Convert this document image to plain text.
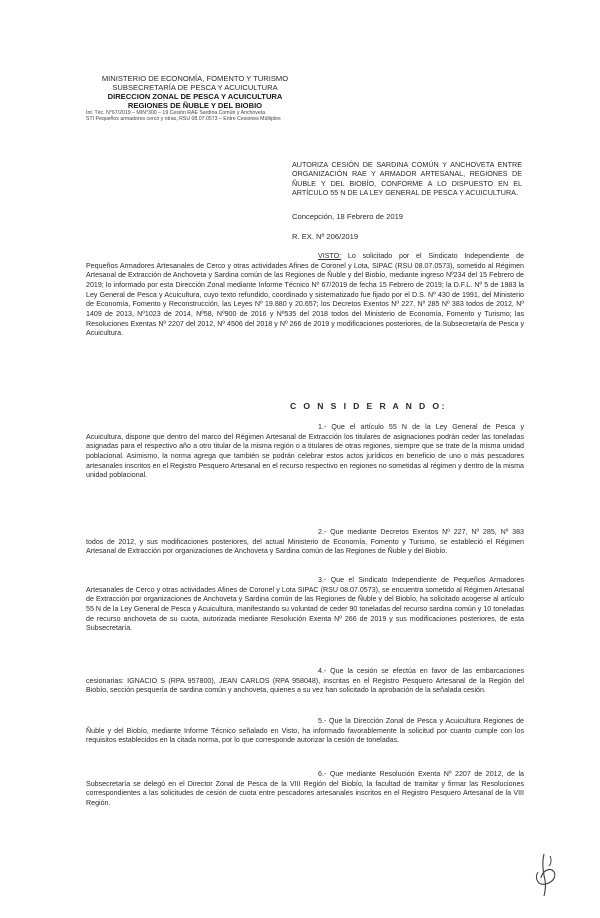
MINISTERIO DE ECONOMÍA, FOMENTO Y TURISMO

SUBSECRETARÍA DE PESCA Y ACUICULTURA

DIRECCION ZONAL DE PESCA Y ACUICULTURA

REGIONES DE ÑUBLE Y DEL BIOBIO

Int. Téc. N°67/2019 – MIN°300 – 19 Cesión RAE Sardina Común y Anchoveta

STI Pequeños armadores cerco y otras, RSU 08.07.0573 – Entre Cesiones Múltiples

AUTORIZA CESIÓN DE SARDINA COMÚN Y ANCHOVETA ENTRE ORGANIZACIÓN RAE Y ARMADOR ARTESANAL, REGIONES DE ÑUBLE Y DEL BIOBÍO, CONFORME A LO DISPUESTO EN EL ARTÍCULO 55 N DE LA LEY GENERAL DE PESCA Y ACUICULTURA.
Concepción, 18 Febrero de 2019
R. EX. Nº 206/2019

VISTO: Lo solicitado por el Sindicato Independiente de Pequeños Armadores Artesanales de Cerco y otras actividades Afines de Coronel y Lota, SIPAC (RSU 08.07.0573), sometido al Régimen Artesanal de Extracción de Anchoveta y Sardina común de las Regiones de Ñuble y del Biobío, mediante ingreso Nº234 del 15 Febrero de 2019; lo informado por esta Dirección Zonal mediante Informe Técnico Nº 67/2019 de fecha 15 Febrero de 2019; la D.F.L. Nº 5 de 1983 la Ley General de Pesca y Acuicultura, cuyo texto refundido, coordinado y sistematizado fue fijado por el D.S. Nº 430 de 1991, del Ministerio de Economía, Fomento y Reconstrucción, las Leyes Nº 19.880 y 20.657; los Decretos Exentos Nº 227, Nº 285 Nº 383 todos de 2012, Nº 1409 de 2013, Nº1023 de 2014, Nº58, Nº900 de 2016 y Nº535 del 2018 todos del Ministerio de Economía, Fomento y Turismo; las Resoluciones Exentas Nº 2207 del 2012, Nº 4506 del 2018 y Nº 266 de 2019 y modificaciones posteriores, de la Subsecretaría de Pesca y Acuicultura.

C O N S I D E R A N D O:

1.- Que el artículo 55 N de la Ley General de Pesca y Acuicultura, dispone que dentro del marco del Régimen Artesanal de Extracción los titulares de asignaciones podrán ceder las toneladas asignadas para el respectivo año a otro titular de la misma región o a titulares de otras regiones, siempre que se trate de la misma unidad poblacional. Asimismo, la norma agrega que también se podrán celebrar estos actos jurídicos en beneficio de uno o más pescadores artesanales inscritos en el Registro Pesquero Artesanal en el recurso respectivo en regiones no sometidas al régimen y dentro de la misma unidad poblacional.

2.- Que mediante Decretos Exentos Nº 227, Nº 285, Nº 383 todos de 2012, y sus modificaciones posteriores, del actual Ministerio de Economía, Fomento y Turismo, se estableció el Régimen Artesanal de Extracción por organizaciones de Anchoveta y Sardina común de las Regiones de Ñuble y del Biobío.

3.- Que el Sindicato Independiente de Pequeños Armadores Artesanales de Cerco y otras actividades Afines de Coronel y Lota SIPAC (RSU 08.07.0573), se encuentra sometido al Régimen Artesanal de Extracción por organizaciones de Anchoveta y Sardina común de las Regiones de Ñuble y del Biobío, ha solicitado acogerse al artículo 55 N de la Ley General de Pesca y Acuicultura, manifestando su voluntad de ceder 90 toneladas del recurso sardina común y 10 toneladas de recurso anchoveta de su cuota, autorizada mediante Resolución Exenta Nº 266 de 2019 y sus modificaciones posteriores, de esta Subsecretaría.

4.- Que la cesión se efectúa en favor de las embarcaciones cesionarias: IGNACIO S (RPA 957800), JEAN CARLOS (RPA 958048), inscritas en el Registro Pesquero Artesanal de la Región del Biobío, sección pesquería de sardina común y anchoveta, quienes a su vez han solicitado la aprobación de la señalada cesión.

5.- Que la Dirección Zonal de Pesca y Acuicultura Regiones de Ñuble y del Biobío, mediante Informe Técnico señalado en Visto, ha informado favorablemente la solicitud por cuanto cumple con los requisitos establecidos en la citada norma, por lo que corresponde autorizar la cesión de toneladas.

6.- Que mediante Resolución Exenta Nº 2207 de 2012, de la Subsecretaría se delegó en el Director Zonal de Pesca de la VIII Región del Biobío, la facultad de tramitar y firmar las Resoluciones correspondientes a las solicitudes de cesión de cuota entre pescadores artesanales inscritos en el Registro Pesquero Artesanal de la VIII Región.
